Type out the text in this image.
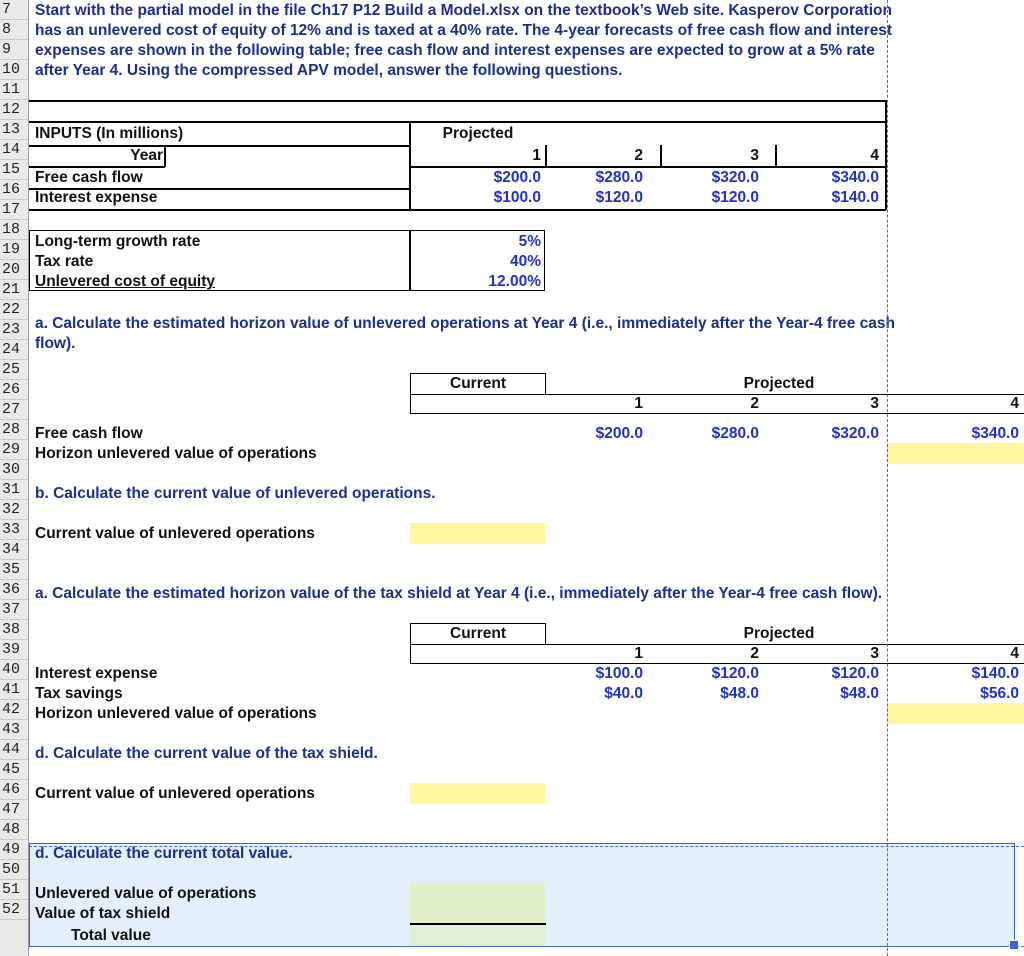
7
8
9
10
11
12
13
14
15
16
17
18
19
20
21
22
23
24
25
26
27
28
29
30
31
32
33
34
35
36
37
38
39
40
41
42
43
44
45
46
47
48
49
50
51
52
Start with the partial model in the file Ch17 P12 Build a Model.xlsx on the textbook’s Web site. Kasperov Corporation
has an unlevered cost of equity of 12% and is taxed at a 40% rate. The 4-year forecasts of free cash flow and interest
expenses are shown in the following table; free cash flow and interest expenses are expected to grow at a 5% rate
after Year 4. Using the compressed APV model, answer the following questions.
INPUTS (In millions)	Projected
Year	1	2	3	4
Free cash flow	$200.0	$280.0	$320.0	$340.0
Interest expense	$100.0	$120.0	$120.0	$140.0
Long-term growth rate	5%
Tax rate	40%
Unlevered cost of equity	12.00%
a. Calculate the estimated horizon value of unlevered operations at Year 4 (i.e., immediately after the Year-4 free cash
flow).
Current	Projected
1	2	3	4
Free cash flow	$200.0	$280.0	$320.0	$340.0
Horizon unlevered value of operations
b. Calculate the current value of unlevered operations.
Current value of unlevered operations
a. Calculate the estimated horizon value of the tax shield at Year 4 (i.e., immediately after the Year-4 free cash flow).
Current	Projected
1	2	3	4
Interest expense	$100.0	$120.0	$120.0	$140.0
Tax savings	$40.0	$48.0	$48.0	$56.0
Horizon unlevered value of operations
d. Calculate the current value of the tax shield.
Current value of unlevered operations
d. Calculate the current total value.
Unlevered value of operations
Value of tax shield
Total value
